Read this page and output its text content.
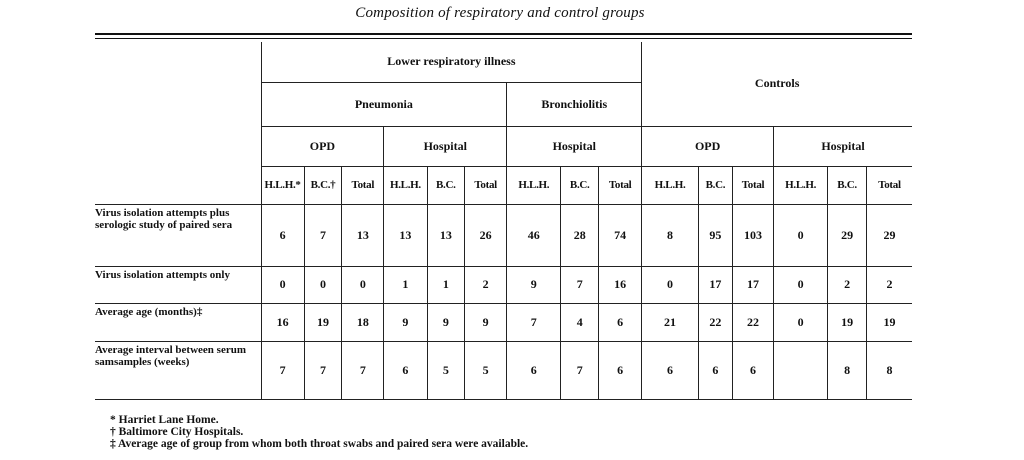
Composition of respiratory and control groups
	Lower respiratory illness									Controls					
	Pneumonia						Bronchiolitis								
	OPD			Hospital			Hospital			OPD			Hospital		
	H.L.H.*	B.C.†	Total	H.L.H.	B.C.	Total	H.L.H.	B.C.	Total	H.L.H.	B.C.	Total	H.L.H.	B.C.	Total
Virus isolation attempts plus serologic study of paired sera	6	7	13	13	13	26	46	28	74	8	95	103	0	29	29
Virus isolation attempts only	0	0	0	1	1	2	9	7	16	0	17	17	0	2	2
Average age (months)‡	16	19	18	9	9	9	7	4	6	21	22	22	0	19	19
Average interval between serum samsamples (weeks)	7	7	7	6	5	5	6	7	6	6	6	6		8	8
* Harriet Lane Home.
† Baltimore City Hospitals.
‡ Average age of group from whom both throat swabs and paired sera were available.
